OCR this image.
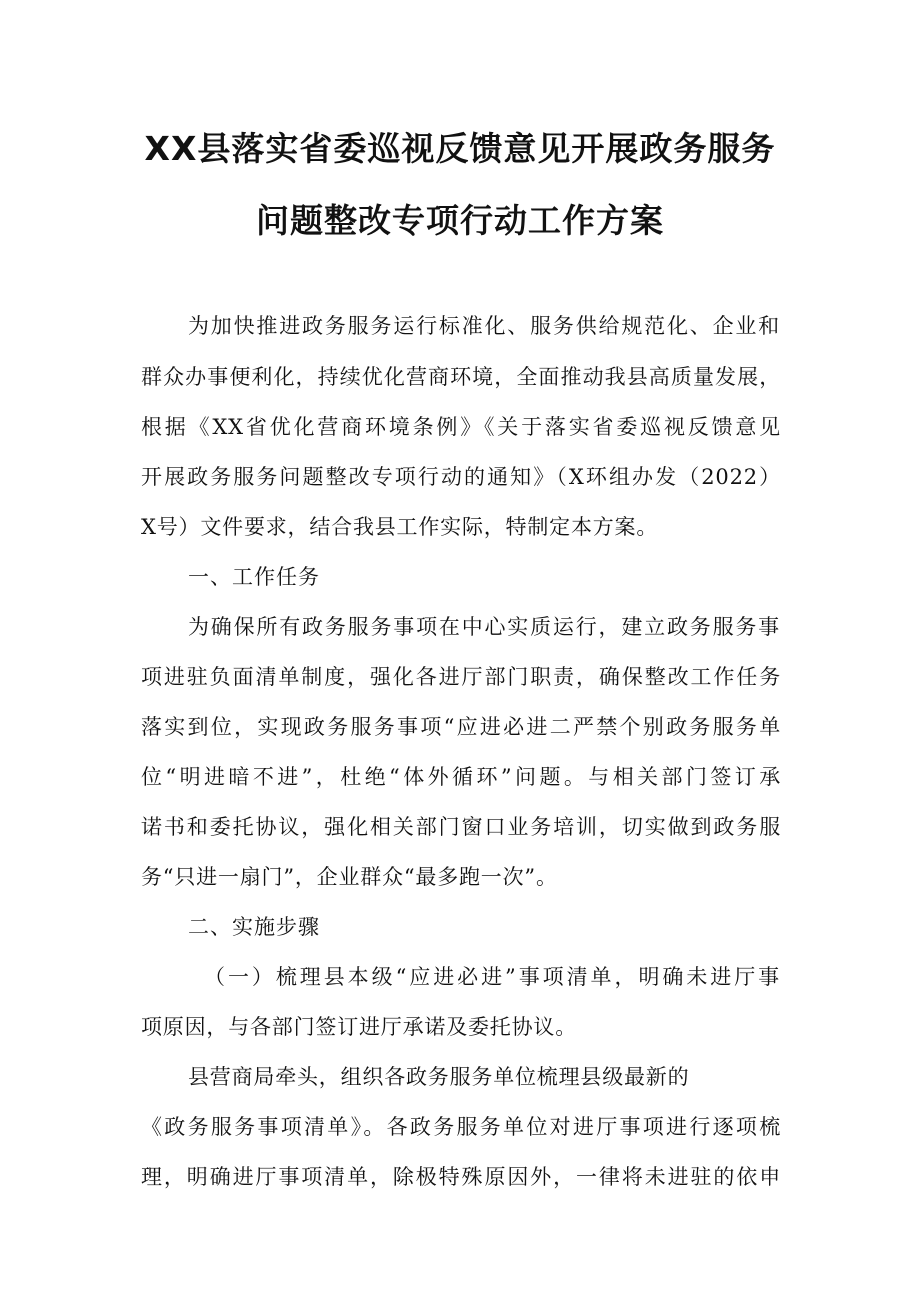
XX县落实省委巡视反馈意见开展政务服务
问题整改专项行动工作方案
为加快推进政务服务运行标准化、服务供给规范化、企业和
群众办事便利化，持续优化营商环境，全面推动我县高质量发展，
根据《XX省优化营商环境条例》《关于落实省委巡视反馈意见
开展政务服务问题整改专项行动的通知》（X环组办发（2022）
X号）文件要求，结合我县工作实际，特制定本方案。
一、工作任务
为确保所有政务服务事项在中心实质运行，建立政务服务事
项进驻负面清单制度，强化各进厅部门职责，确保整改工作任务
落实到位，实现政务服务事项“应进必进二严禁个别政务服务单
位“明进暗不进”，杜绝“体外循环”问题。与相关部门签订承
诺书和委托协议，强化相关部门窗口业务培训，切实做到政务服
务“只进一扇门”，企业群众“最多跑一次”。
二、实施步骤
（一）梳理县本级“应进必进”事项清单，明确未进厅事
项原因，与各部门签订进厅承诺及委托协议。
县营商局牵头，组织各政务服务单位梳理县级最新的
《政务服务事项清单》。各政务服务单位对进厅事项进行逐项梳
理，明确进厅事项清单，除极特殊原因外，一律将未进驻的依申
